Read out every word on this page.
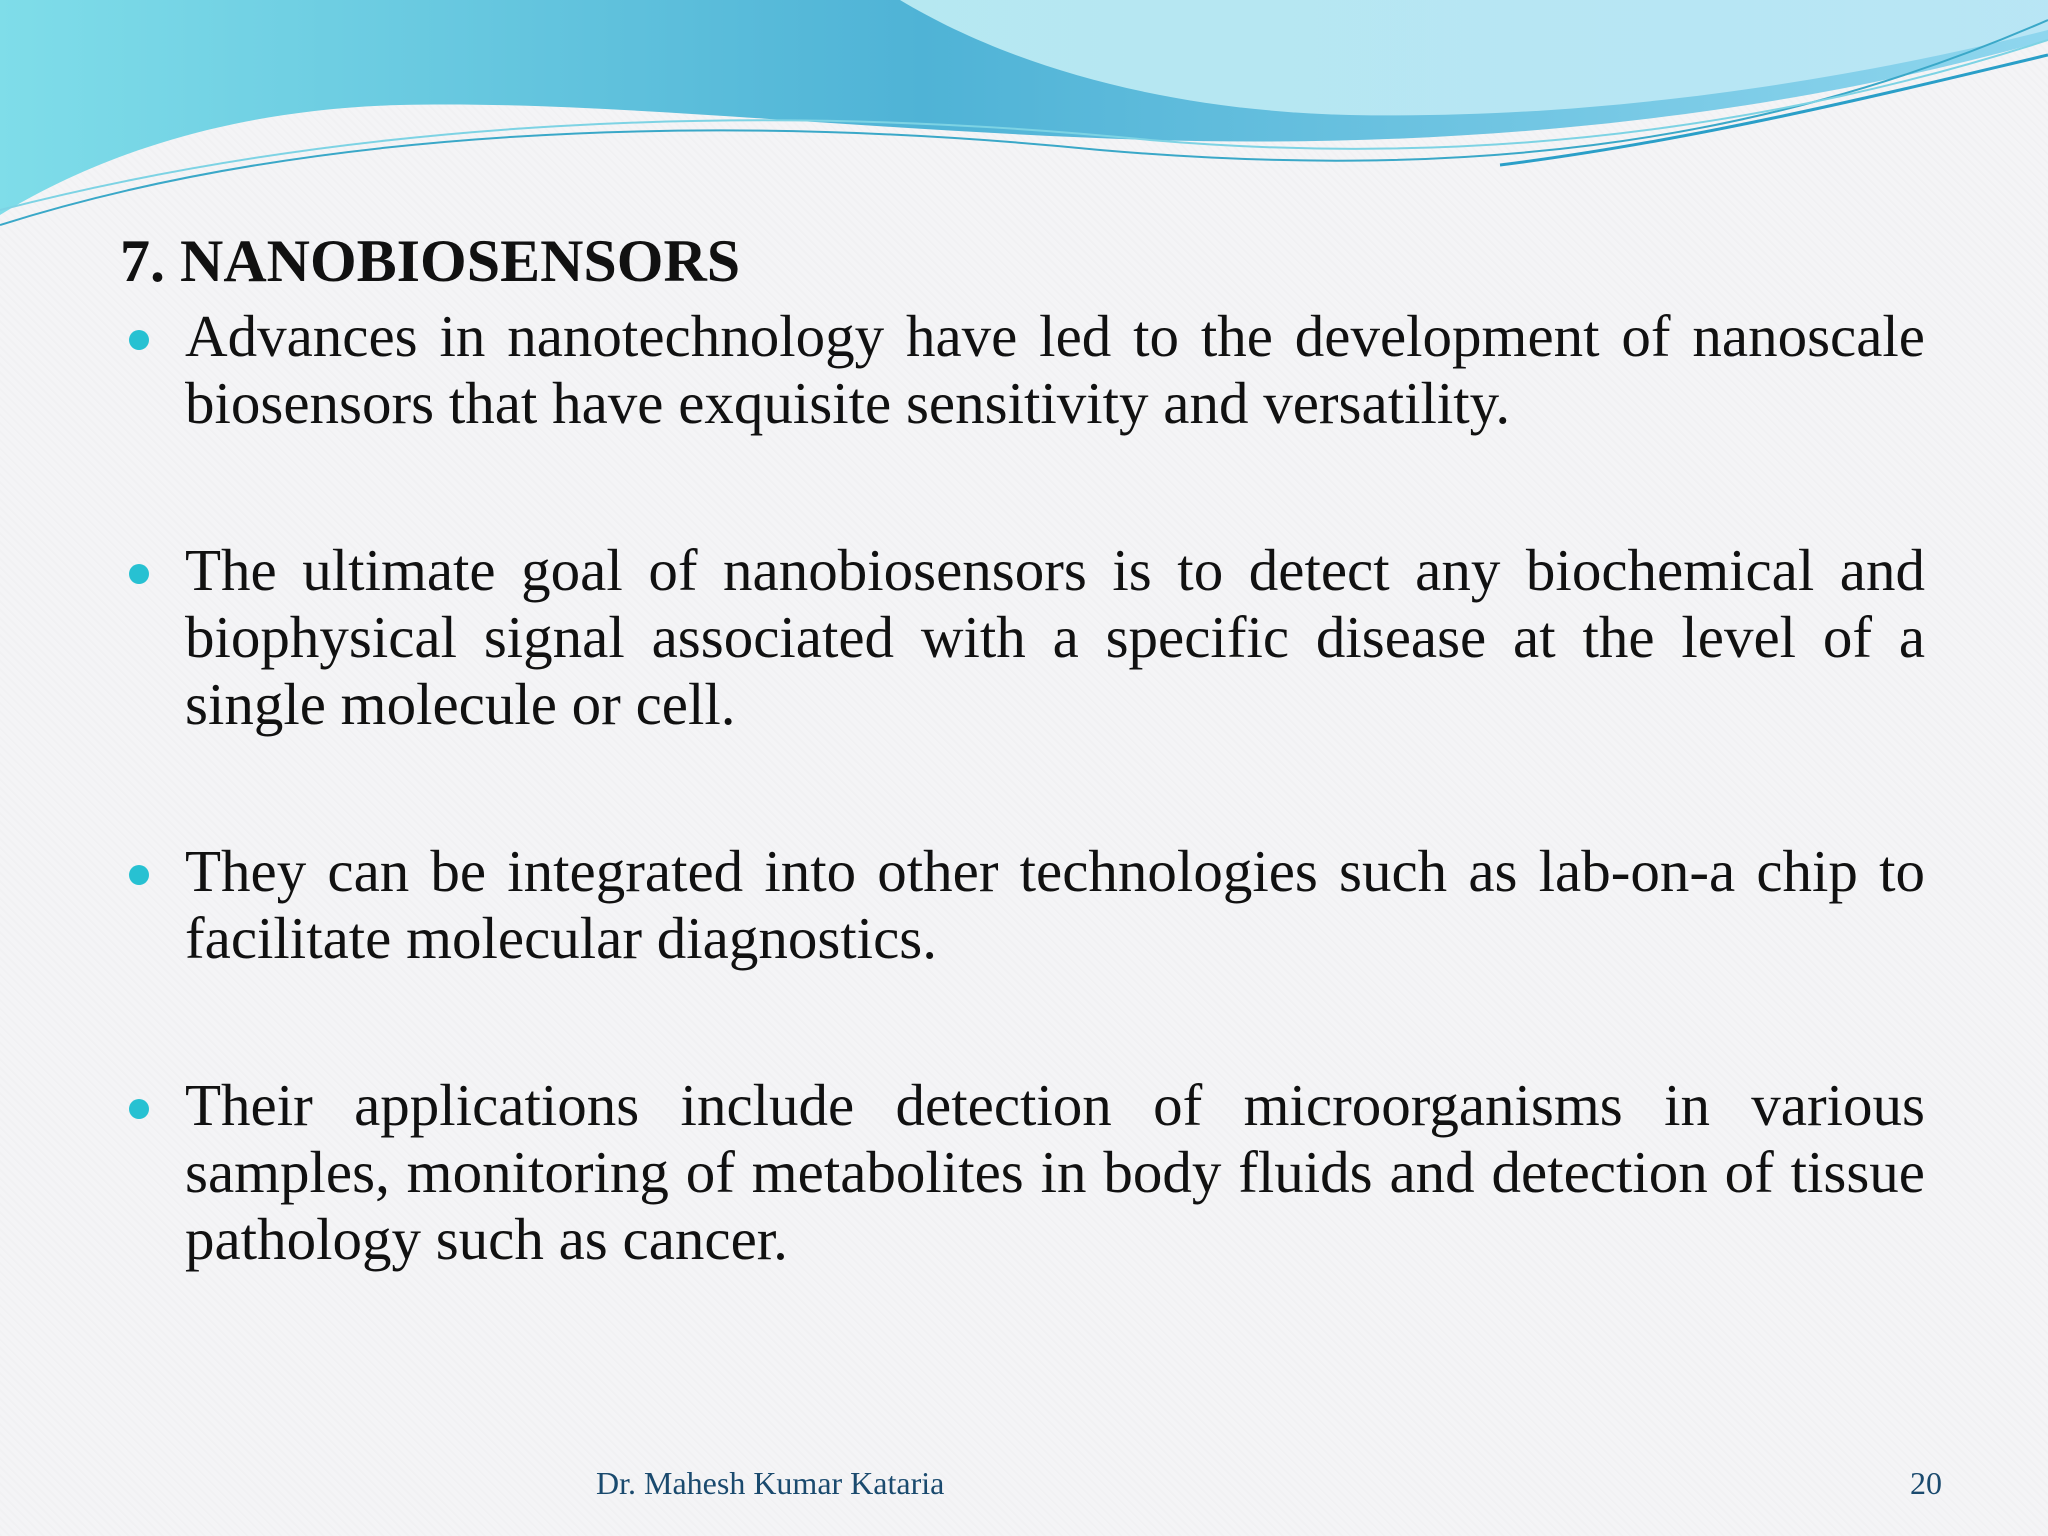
7. NANOBIOSENSORS
Advances in nanotechnology have led to the development of nanoscale biosensors that have exquisite sensitivity and versatility.
The ultimate goal of nanobiosensors is to detect any biochemical and biophysical signal associated with a specific disease at the level of a single molecule or cell.
They can be integrated into other technologies such as lab-on-a chip to facilitate molecular diagnostics.
Their applications include detection of microorganisms in various samples, monitoring of metabolites in body fluids and detection of tissue pathology such as cancer.
Dr. Mahesh Kumar Kataria	20
